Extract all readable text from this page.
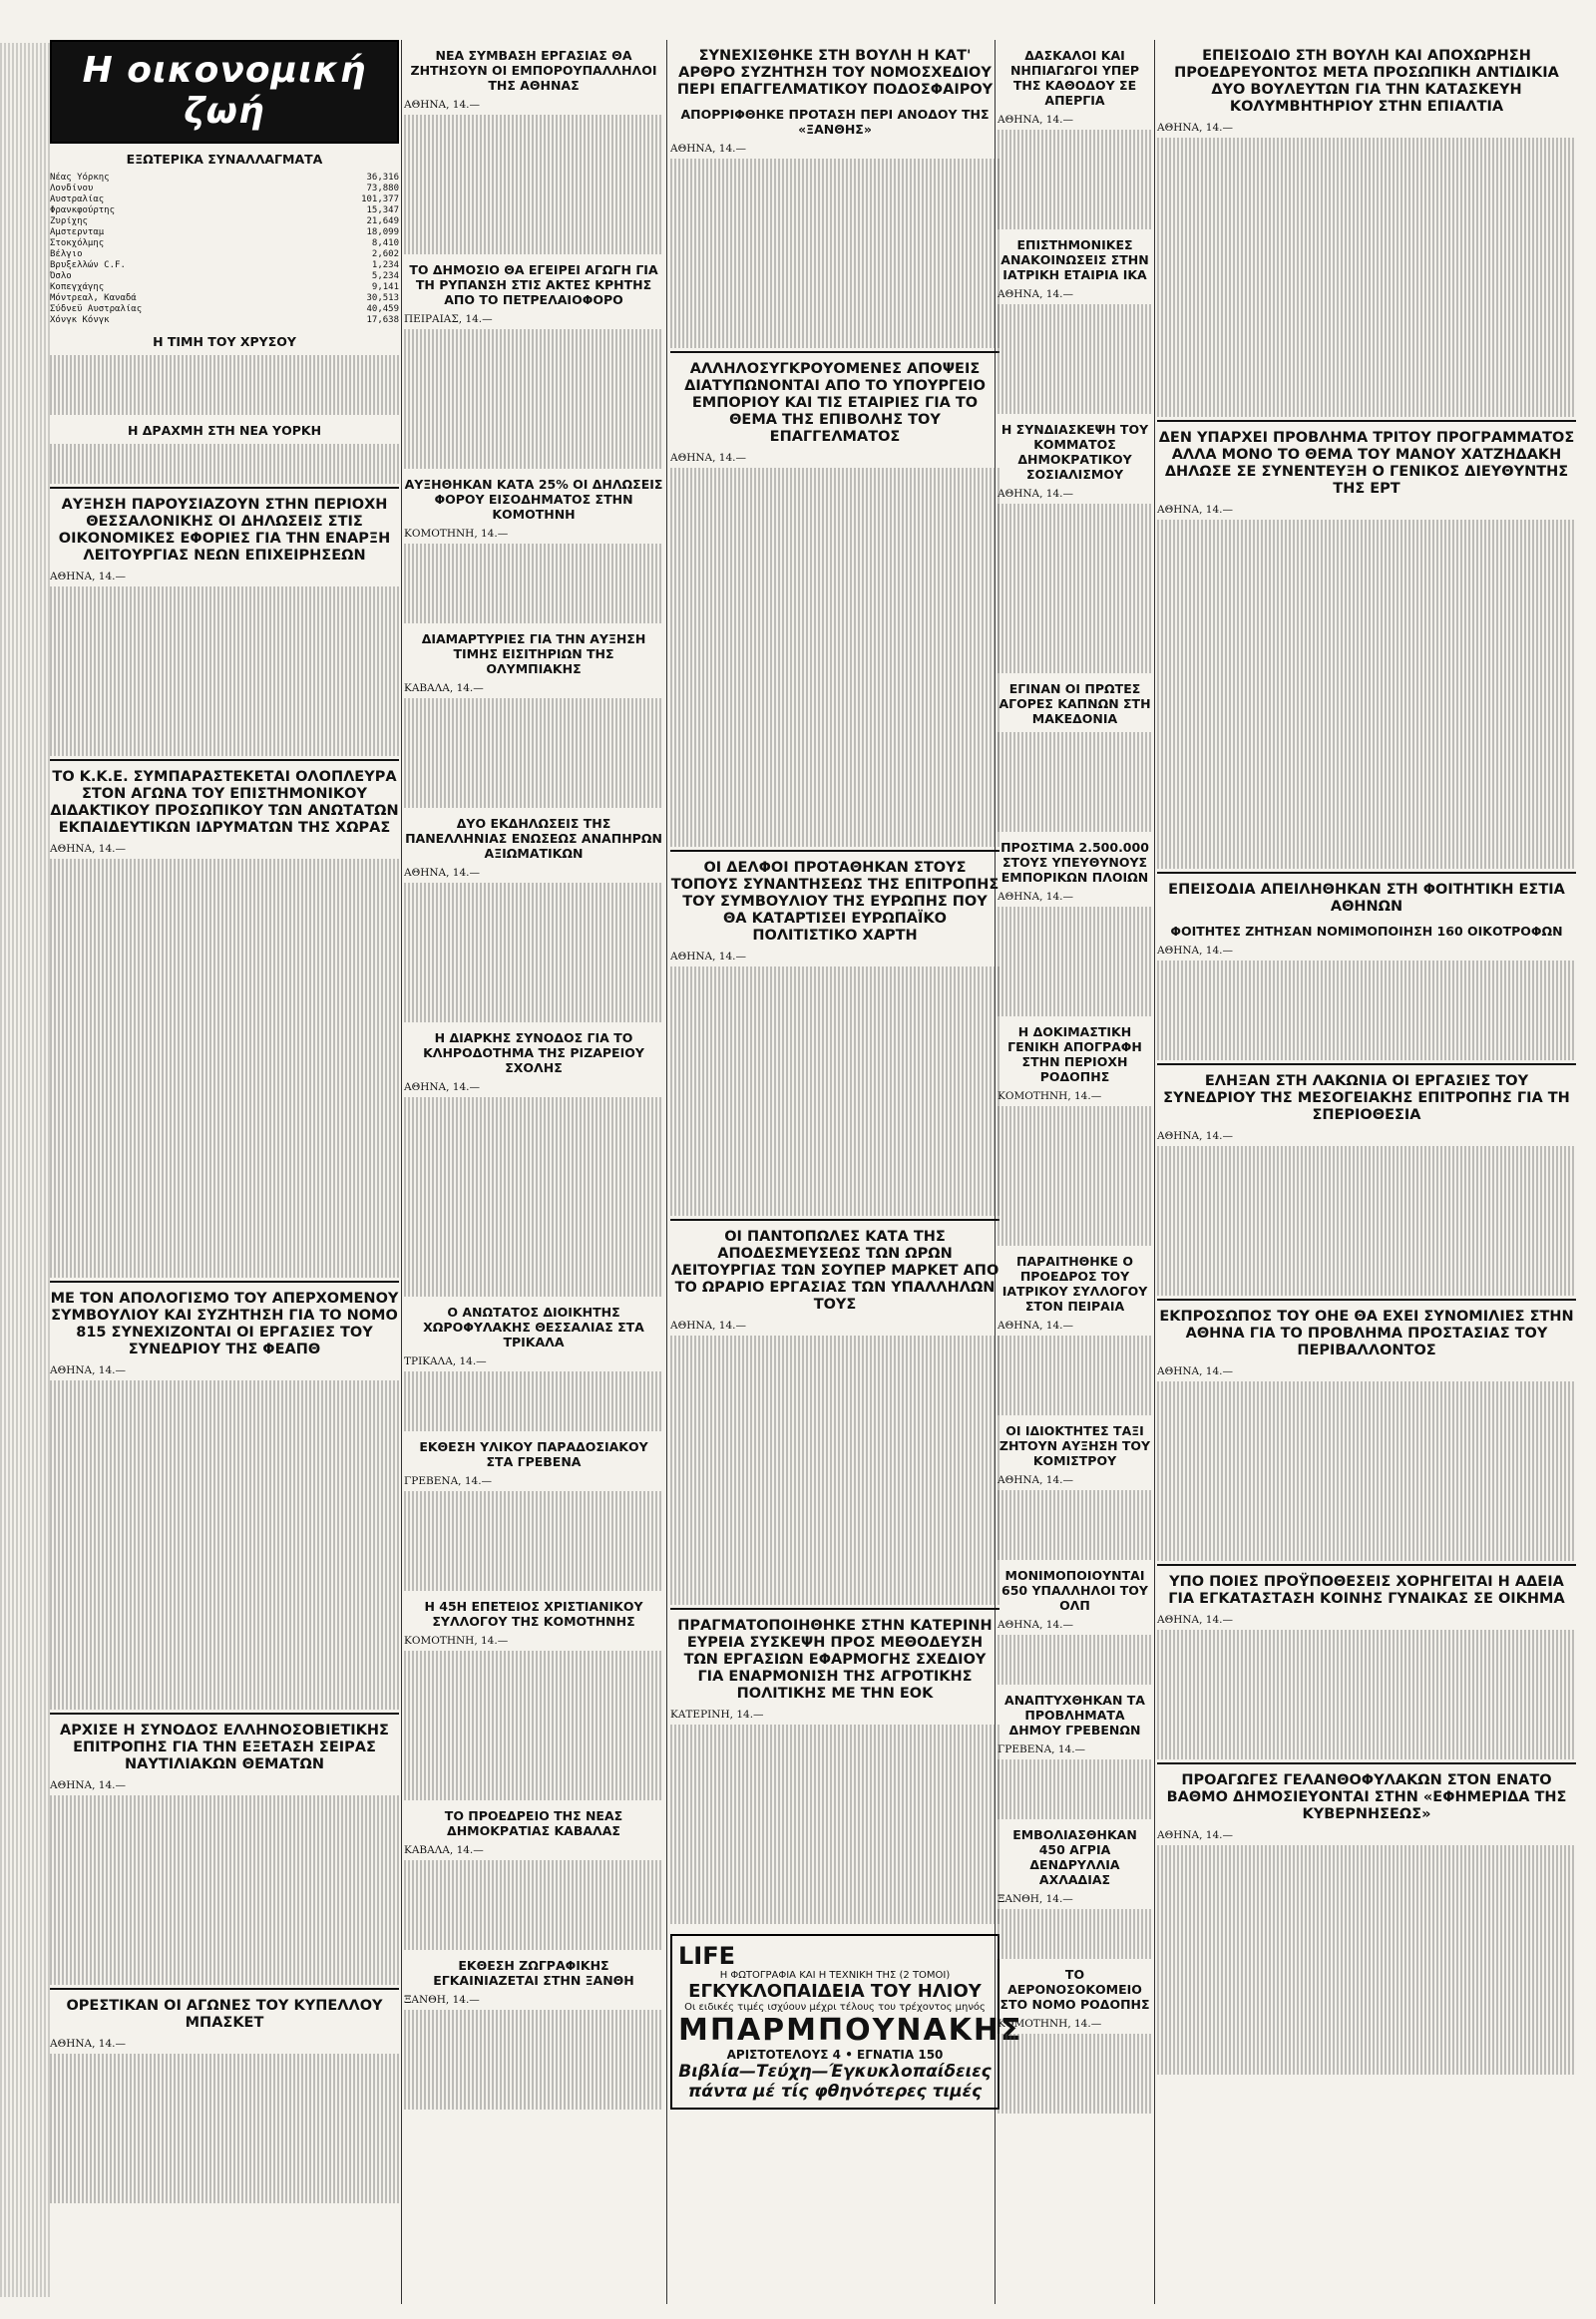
Η οικονομική ζωή
ΕΞΩΤΕΡΙΚΑ ΣΥΝΑΛΛΑΓΜΑΤΑ
Νέας Υόρκης	36,316
Λονδίνου	73,880
Αυστραλίας	101,377
Φρανκφούρτης	15,347
Ζυρίχης	21,649
Αμστερνταμ	18,099
Στοκχόλμης	8,410
Βέλγιο	2,602
Βρυξελλών C.F.	1,234
Όσλο	5,234
Κοπεγχάγης	9,141
Μόντρεαλ, Καναδά	30,513
Σύδνεϋ Αυστραλίας	40,459
Χόνγκ Κόνγκ	17,638
Η ΤΙΜΗ ΤΟΥ ΧΡΥΣΟΥ
Η ΔΡΑΧΜΗ ΣΤΗ ΝΕΑ ΥΟΡΚΗ
ΑΥΞΗΣΗ ΠΑΡΟΥΣΙΑΖΟΥΝ ΣΤΗΝ ΠΕΡΙΟΧΗ ΘΕΣΣΑΛΟΝΙΚΗΣ ΟΙ ΔΗΛΩΣΕΙΣ ΣΤΙΣ ΟΙΚΟΝΟΜΙΚΕΣ ΕΦΟΡΙΕΣ ΓΙΑ ΤΗΝ ΕΝΑΡΞΗ ΛΕΙΤΟΥΡΓΙΑΣ ΝΕΩΝ ΕΠΙΧΕΙΡΗΣΕΩΝ
ΑΘΗΝΑ, 14.—
ΤΟ Κ.Κ.Ε. ΣΥΜΠΑΡΑΣΤΕΚΕΤΑΙ ΟΛΟΠΛΕΥΡΑ ΣΤΟΝ ΑΓΩΝΑ ΤΟΥ ΕΠΙΣΤΗΜΟΝΙΚΟΥ ΔΙΔΑΚΤΙΚΟΥ ΠΡΟΣΩΠΙΚΟΥ ΤΩΝ ΑΝΩΤΑΤΩΝ ΕΚΠΑΙΔΕΥΤΙΚΩΝ ΙΔΡΥΜΑΤΩΝ ΤΗΣ ΧΩΡΑΣ
ΑΘΗΝΑ, 14.—
ΜΕ ΤΟΝ ΑΠΟΛΟΓΙΣΜΟ ΤΟΥ ΑΠΕΡΧΟΜΕΝΟΥ ΣΥΜΒΟΥΛΙΟΥ ΚΑΙ ΣΥΖΗΤΗΣΗ ΓΙΑ ΤΟ ΝΟΜΟ 815 ΣΥΝΕΧΙΖΟΝΤΑΙ ΟΙ ΕΡΓΑΣΙΕΣ ΤΟΥ ΣΥΝΕΔΡΙΟΥ ΤΗΣ ΦΕΑΠΘ
ΑΘΗΝΑ, 14.—
ΑΡΧΙΣΕ Η ΣΥΝΟΔΟΣ ΕΛΛΗΝΟΣΟΒΙΕΤΙΚΗΣ ΕΠΙΤΡΟΠΗΣ ΓΙΑ ΤΗΝ ΕΞΕΤΑΣΗ ΣΕΙΡΑΣ ΝΑΥΤΙΛΙΑΚΩΝ ΘΕΜΑΤΩΝ
ΑΘΗΝΑ, 14.—
ΟΡΕΣΤΙΚΑΝ ΟΙ ΑΓΩΝΕΣ ΤΟΥ ΚΥΠΕΛΛΟΥ ΜΠΑΣΚΕΤ
ΑΘΗΝΑ, 14.—
ΝΕΑ ΣΥΜΒΑΣΗ ΕΡΓΑΣΙΑΣ ΘΑ ΖΗΤΗΣΟΥΝ ΟΙ ΕΜΠΟΡΟΥΠΑΛΛΗΛΟΙ ΤΗΣ ΑΘΗΝΑΣ
ΑΘΗΝΑ, 14.—
ΤΟ ΔΗΜΟΣΙΟ ΘΑ ΕΓΕΙΡΕΙ ΑΓΩΓΗ ΓΙΑ ΤΗ ΡΥΠΑΝΣΗ ΣΤΙΣ ΑΚΤΕΣ ΚΡΗΤΗΣ ΑΠΟ ΤΟ ΠΕΤΡΕΛΑΙΟΦΟΡΟ
ΠΕΙΡΑΙΑΣ, 14.—
ΑΥΞΗΘΗΚΑΝ ΚΑΤΑ 25% ΟΙ ΔΗΛΩΣΕΙΣ ΦΟΡΟΥ ΕΙΣΟΔΗΜΑΤΟΣ ΣΤΗΝ ΚΟΜΟΤΗΝΗ
ΚΟΜΟΤΗΝΗ, 14.—
ΔΙΑΜΑΡΤΥΡΙΕΣ ΓΙΑ ΤΗΝ ΑΥΞΗΣΗ ΤΙΜΗΣ ΕΙΣΙΤΗΡΙΩΝ ΤΗΣ ΟΛΥΜΠΙΑΚΗΣ
ΚΑΒΑΛΑ, 14.—
ΔΥΟ ΕΚΔΗΛΩΣΕΙΣ ΤΗΣ ΠΑΝΕΛΛΗΝΙΑΣ ΕΝΩΣΕΩΣ ΑΝΑΠΗΡΩΝ ΑΞΙΩΜΑΤΙΚΩΝ
ΑΘΗΝΑ, 14.—
Η ΔΙΑΡΚΗΣ ΣΥΝΟΔΟΣ ΓΙΑ ΤΟ ΚΛΗΡΟΔΟΤΗΜΑ ΤΗΣ ΡΙΖΑΡΕΙΟΥ ΣΧΟΛΗΣ
ΑΘΗΝΑ, 14.—
Ο ΑΝΩΤΑΤΟΣ ΔΙΟΙΚΗΤΗΣ ΧΩΡΟΦΥΛΑΚΗΣ ΘΕΣΣΑΛΙΑΣ ΣΤΑ ΤΡΙΚΑΛΑ
ΤΡΙΚΑΛΑ, 14.—
ΕΚΘΕΣΗ ΥΛΙΚΟΥ ΠΑΡΑΔΟΣΙΑΚΟΥ ΣΤΑ ΓΡΕΒΕΝΑ
ΓΡΕΒΕΝΑ, 14.—
Η 45Η ΕΠΕΤΕΙΟΣ ΧΡΙΣΤΙΑΝΙΚΟΥ ΣΥΛΛΟΓΟΥ ΤΗΣ ΚΟΜΟΤΗΝΗΣ
ΚΟΜΟΤΗΝΗ, 14.—
ΤΟ ΠΡΟΕΔΡΕΙΟ ΤΗΣ ΝΕΑΣ ΔΗΜΟΚΡΑΤΙΑΣ ΚΑΒΑΛΑΣ
ΚΑΒΑΛΑ, 14.—
ΕΚΘΕΣΗ ΖΩΓΡΑΦΙΚΗΣ ΕΓΚΑΙΝΙΑΖΕΤΑΙ ΣΤΗΝ ΞΑΝΘΗ
ΞΑΝΘΗ, 14.—
ΣΥΝΕΧΙΣΘΗΚΕ ΣΤΗ ΒΟΥΛΗ Η ΚΑΤ' ΑΡΘΡΟ ΣΥΖΗΤΗΣΗ ΤΟΥ ΝΟΜΟΣΧΕΔΙΟΥ ΠΕΡΙ ΕΠΑΓΓΕΛΜΑΤΙΚΟΥ ΠΟΔΟΣΦΑΙΡΟΥ
ΑΠΟΡΡΙΦΘΗΚΕ ΠΡΟΤΑΣΗ ΠΕΡΙ ΑΝΟΔΟΥ ΤΗΣ «ΞΑΝΘΗΣ»
ΑΘΗΝΑ, 14.—
ΑΛΛΗΛΟΣΥΓΚΡΟΥΟΜΕΝΕΣ ΑΠΟΨΕΙΣ ΔΙΑΤΥΠΩΝΟΝΤΑΙ ΑΠΟ ΤΟ ΥΠΟΥΡΓΕΙΟ ΕΜΠΟΡΙΟΥ ΚΑΙ ΤΙΣ ΕΤΑΙΡΙΕΣ ΓΙΑ ΤΟ ΘΕΜΑ ΤΗΣ ΕΠΙΒΟΛΗΣ ΤΟΥ ΕΠΑΓΓΕΛΜΑΤΟΣ
ΑΘΗΝΑ, 14.—
ΟΙ ΔΕΛΦΟΙ ΠΡΟΤΑΘΗΚΑΝ ΣΤΟΥΣ ΤΟΠΟΥΣ ΣΥΝΑΝΤΗΣΕΩΣ ΤΗΣ ΕΠΙΤΡΟΠΗΣ ΤΟΥ ΣΥΜΒΟΥΛΙΟΥ ΤΗΣ ΕΥΡΩΠΗΣ ΠΟΥ ΘΑ ΚΑΤΑΡΤΙΣΕΙ ΕΥΡΩΠΑΪΚΟ ΠΟΛΙΤΙΣΤΙΚΟ ΧΑΡΤΗ
ΑΘΗΝΑ, 14.—
ΟΙ ΠΑΝΤΟΠΩΛΕΣ ΚΑΤΑ ΤΗΣ ΑΠΟΔΕΣΜΕΥΣΕΩΣ ΤΩΝ ΩΡΩΝ ΛΕΙΤΟΥΡΓΙΑΣ ΤΩΝ ΣΟΥΠΕΡ ΜΑΡΚΕΤ ΑΠΟ ΤΟ ΩΡΑΡΙΟ ΕΡΓΑΣΙΑΣ ΤΩΝ ΥΠΑΛΛΗΛΩΝ ΤΟΥΣ
ΑΘΗΝΑ, 14.—
ΠΡΑΓΜΑΤΟΠΟΙΗΘΗΚΕ ΣΤΗΝ ΚΑΤΕΡΙΝΗ ΕΥΡΕΙΑ ΣΥΣΚΕΨΗ ΠΡΟΣ ΜΕΘΟΔΕΥΣΗ ΤΩΝ ΕΡΓΑΣΙΩΝ ΕΦΑΡΜΟΓΗΣ ΣΧΕΔΙΟΥ ΓΙΑ ΕΝΑΡΜΟΝΙΣΗ ΤΗΣ ΑΓΡΟΤΙΚΗΣ ΠΟΛΙΤΙΚΗΣ ΜΕ ΤΗΝ ΕΟΚ
ΚΑΤΕΡΙΝΗ, 14.—
LIFE
Η ΦΩΤΟΓΡΑΦΙΑ ΚΑΙ Η ΤΕΧΝΙΚΗ ΤΗΣ (2 ΤΟΜΟΙ)
ΕΓΚΥΚΛΟΠΑΙΔΕΙΑ ΤΟΥ ΗΛΙΟΥ
Οι ειδικές τιμές ισχύουν μέχρι τέλους του τρέχοντος μηνός
ΜΠΑΡΜΠΟΥΝΑΚΗΣ
ΑΡΙΣΤΟΤΕΛΟΥΣ 4 • ΕΓΝΑΤΙΑ 150
Βιβλία—Τεύχη—Έγκυκλοπαίδειες πάντα μέ τίς φθηνότερες τιμές
ΔΑΣΚΑΛΟΙ ΚΑΙ ΝΗΠΙΑΓΩΓΟΙ ΥΠΕΡ ΤΗΣ ΚΑΘΟΔΟΥ ΣΕ ΑΠΕΡΓΙΑ
ΑΘΗΝΑ, 14.—
ΕΠΙΣΤΗΜΟΝΙΚΕΣ ΑΝΑΚΟΙΝΩΣΕΙΣ ΣΤΗΝ ΙΑΤΡΙΚΗ ΕΤΑΙΡΙΑ ΙΚΑ
ΑΘΗΝΑ, 14.—
Η ΣΥΝΔΙΑΣΚΕΨΗ ΤΟΥ ΚΟΜΜΑΤΟΣ ΔΗΜΟΚΡΑΤΙΚΟΥ ΣΟΣΙΑΛΙΣΜΟΥ
ΑΘΗΝΑ, 14.—
ΕΓΙΝΑΝ ΟΙ ΠΡΩΤΕΣ ΑΓΟΡΕΣ ΚΑΠΝΩΝ ΣΤΗ ΜΑΚΕΔΟΝΙΑ
ΠΡΟΣΤΙΜΑ 2.500.000 ΣΤΟΥΣ ΥΠΕΥΘΥΝΟΥΣ ΕΜΠΟΡΙΚΩΝ ΠΛΟΙΩΝ
ΑΘΗΝΑ, 14.—
Η ΔΟΚΙΜΑΣΤΙΚΗ ΓΕΝΙΚΗ ΑΠΟΓΡΑΦΗ ΣΤΗΝ ΠΕΡΙΟΧΗ ΡΟΔΟΠΗΣ
ΚΟΜΟΤΗΝΗ, 14.—
ΠΑΡΑΙΤΗΘΗΚΕ Ο ΠΡΟΕΔΡΟΣ ΤΟΥ ΙΑΤΡΙΚΟΥ ΣΥΛΛΟΓΟΥ ΣΤΟΝ ΠΕΙΡΑΙΑ
ΑΘΗΝΑ, 14.—
ΟΙ ΙΔΙΟΚΤΗΤΕΣ ΤΑΞΙ ΖΗΤΟΥΝ ΑΥΞΗΣΗ ΤΟΥ ΚΟΜΙΣΤΡΟΥ
ΑΘΗΝΑ, 14.—
ΜΟΝΙΜΟΠΟΙΟΥΝΤΑΙ 650 ΥΠΑΛΛΗΛΟΙ ΤΟΥ ΟΛΠ
ΑΘΗΝΑ, 14.—
ΑΝΑΠΤΥΧΘΗΚΑΝ ΤΑ ΠΡΟΒΛΗΜΑΤΑ ΔΗΜΟΥ ΓΡΕΒΕΝΩΝ
ΓΡΕΒΕΝΑ, 14.—
ΕΜΒΟΛΙΑΣΘΗΚΑΝ 450 ΑΓΡΙΑ ΔΕΝΔΡΥΛΛΙΑ ΑΧΛΑΔΙΑΣ
ΞΑΝΘΗ, 14.—
ΤΟ ΑΕΡΟΝΟΣΟΚΟΜΕΙΟ ΣΤΟ ΝΟΜΟ ΡΟΔΟΠΗΣ
ΚΟΜΟΤΗΝΗ, 14.—
ΕΠΕΙΣΟΔΙΟ ΣΤΗ ΒΟΥΛΗ ΚΑΙ ΑΠΟΧΩΡΗΣΗ ΠΡΟΕΔΡΕΥΟΝΤΟΣ ΜΕΤΑ ΠΡΟΣΩΠΙΚΗ ΑΝΤΙΔΙΚΙΑ ΔΥΟ ΒΟΥΛΕΥΤΩΝ ΓΙΑ ΤΗΝ ΚΑΤΑΣΚΕΥΗ ΚΟΛΥΜΒΗΤΗΡΙΟΥ ΣΤΗΝ ΕΠΙΑΛΤΙΑ
ΑΘΗΝΑ, 14.—
ΔΕΝ ΥΠΑΡΧΕΙ ΠΡΟΒΛΗΜΑ ΤΡΙΤΟΥ ΠΡΟΓΡΑΜΜΑΤΟΣ ΑΛΛΑ ΜΟΝΟ ΤΟ ΘΕΜΑ ΤΟΥ ΜΑΝΟΥ ΧΑΤΖΗΔΑΚΗ ΔΗΛΩΣΕ ΣΕ ΣΥΝΕΝΤΕΥΞΗ Ο ΓΕΝΙΚΟΣ ΔΙΕΥΘΥΝΤΗΣ ΤΗΣ ΕΡΤ
ΑΘΗΝΑ, 14.—
ΕΠΕΙΣΟΔΙΑ ΑΠΕΙΛΗΘΗΚΑΝ ΣΤΗ ΦΟΙΤΗΤΙΚΗ ΕΣΤΙΑ ΑΘΗΝΩΝ
ΦΟΙΤΗΤΕΣ ΖΗΤΗΣΑΝ ΝΟΜΙΜΟΠΟΙΗΣΗ 160 ΟΙΚΟΤΡΟΦΩΝ
ΑΘΗΝΑ, 14.—
ΕΛΗΞΑΝ ΣΤΗ ΛΑΚΩΝΙΑ ΟΙ ΕΡΓΑΣΙΕΣ ΤΟΥ ΣΥΝΕΔΡΙΟΥ ΤΗΣ ΜΕΣΟΓΕΙΑΚΗΣ ΕΠΙΤΡΟΠΗΣ ΓΙΑ ΤΗ ΣΠΕΡΙΟΘΕΣΙΑ
ΑΘΗΝΑ, 14.—
ΕΚΠΡΟΣΩΠΟΣ ΤΟΥ ΟΗΕ ΘΑ ΕΧΕΙ ΣΥΝΟΜΙΛΙΕΣ ΣΤΗΝ ΑΘΗΝΑ ΓΙΑ ΤΟ ΠΡΟΒΛΗΜΑ ΠΡΟΣΤΑΣΙΑΣ ΤΟΥ ΠΕΡΙΒΑΛΛΟΝΤΟΣ
ΑΘΗΝΑ, 14.—
ΥΠΟ ΠΟΙΕΣ ΠΡΟΫΠΟΘΕΣΕΙΣ ΧΟΡΗΓΕΙΤΑΙ Η ΑΔΕΙΑ ΓΙΑ ΕΓΚΑΤΑΣΤΑΣΗ ΚΟΙΝΗΣ ΓΥΝΑΙΚΑΣ ΣΕ ΟΙΚΗΜΑ
ΑΘΗΝΑ, 14.—
ΠΡΟΑΓΩΓΕΣ ΓΕΛΑΝΘΟΦΥΛΑΚΩΝ ΣΤΟΝ ΕΝΑΤΟ ΒΑΘΜΟ ΔΗΜΟΣΙΕΥΟΝΤΑΙ ΣΤΗΝ «ΕΦΗΜΕΡΙΔΑ ΤΗΣ ΚΥΒΕΡΝΗΣΕΩΣ»
ΑΘΗΝΑ, 14.—
